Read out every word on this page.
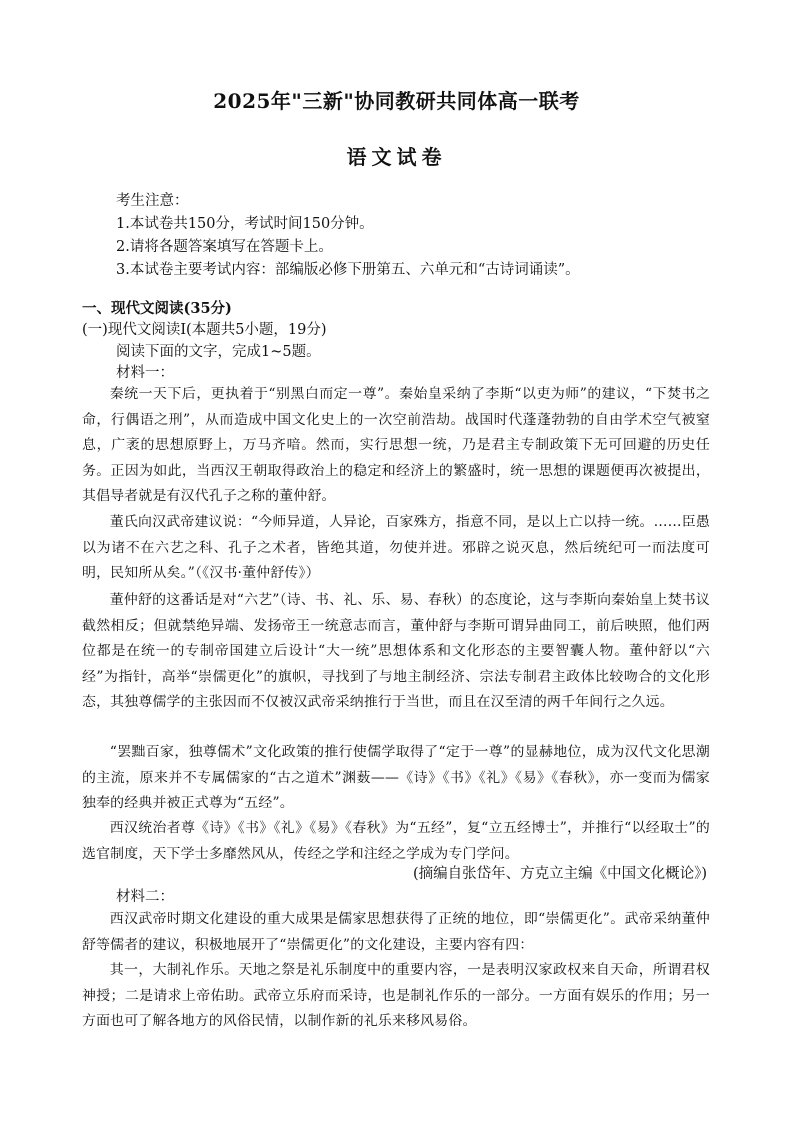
2025年"三新"协同教研共同体高一联考
语文试卷
考生注意：
1.本试卷共150分，考试时间150分钟。
2.请将各题答案填写在答题卡上。
3.本试卷主要考试内容：部编版必修下册第五、六单元和“古诗词诵读”。
一、现代文阅读(35分)
(一)现代文阅读Ⅰ(本题共5小题，19分)
阅读下面的文字，完成1~5题。
材料一：

秦统一天下后，更执着于“别黑白而定一尊”。秦始皇采纳了李斯“以吏为师”的建议，“下焚书之命，行偶语之刑”，从而造成中国文化史上的一次空前浩劫。战国时代蓬蓬勃勃的自由学术空气被窒息，广袤的思想原野上，万马齐喑。然而，实行思想一统，乃是君主专制政策下无可回避的历史任务。正因为如此，当西汉王朝取得政治上的稳定和经济上的繁盛时，统一思想的课题便再次被提出，其倡导者就是有汉代孔子之称的董仲舒。

董氏向汉武帝建议说：“今师异道，人异论，百家殊方，指意不同，是以上亡以持一统。……臣愚以为诸不在六艺之科、孔子之术者，皆绝其道，勿使并进。邪辟之说灭息，然后统纪可一而法度可明，民知所从矣。”（《汉书·董仲舒传》）

董仲舒的这番话是对“六艺”（诗、书、礼、乐、易、春秋）的态度论，这与李斯向秦始皇上焚书议截然相反；但就禁绝异端、发扬帝王一统意志而言，董仲舒与李斯可谓异曲同工，前后映照，他们两位都是在统一的专制帝国建立后设计“大一统”思想体系和文化形态的主要智囊人物。董仲舒以“六经”为指针，高举“崇儒更化”的旗帜，寻找到了与地主制经济、宗法专制君主政体比较吻合的文化形态，其独尊儒学的主张因而不仅被汉武帝采纳推行于当世，而且在汉至清的两千年间行之久远。

“罢黜百家，独尊儒术”文化政策的推行使儒学取得了“定于一尊”的显赫地位，成为汉代文化思潮的主流，原来并不专属儒家的“古之道术”渊薮——《诗》《书》《礼》《易》《春秋》，亦一变而为儒家独奉的经典并被正式尊为“五经”。

西汉统治者尊《诗》《书》《礼》《易》《春秋》为“五经”，复“立五经博士”，并推行“以经取士”的选官制度，天下学士多靡然风从，传经之学和注经之学成为专门学问。

(摘编自张岱年、方克立主编《中国文化概论》)
材料二：

西汉武帝时期文化建设的重大成果是儒家思想获得了正统的地位，即“崇儒更化”。武帝采纳董仲舒等儒者的建议，积极地展开了“崇儒更化”的文化建设，主要内容有四：

其一，大制礼作乐。天地之祭是礼乐制度中的重要内容，一是表明汉家政权来自天命，所谓君权神授；二是请求上帝佑助。武帝立乐府而采诗，也是制礼作乐的一部分。一方面有娱乐的作用；另一方面也可了解各地方的风俗民情，以制作新的礼乐来移风易俗。
